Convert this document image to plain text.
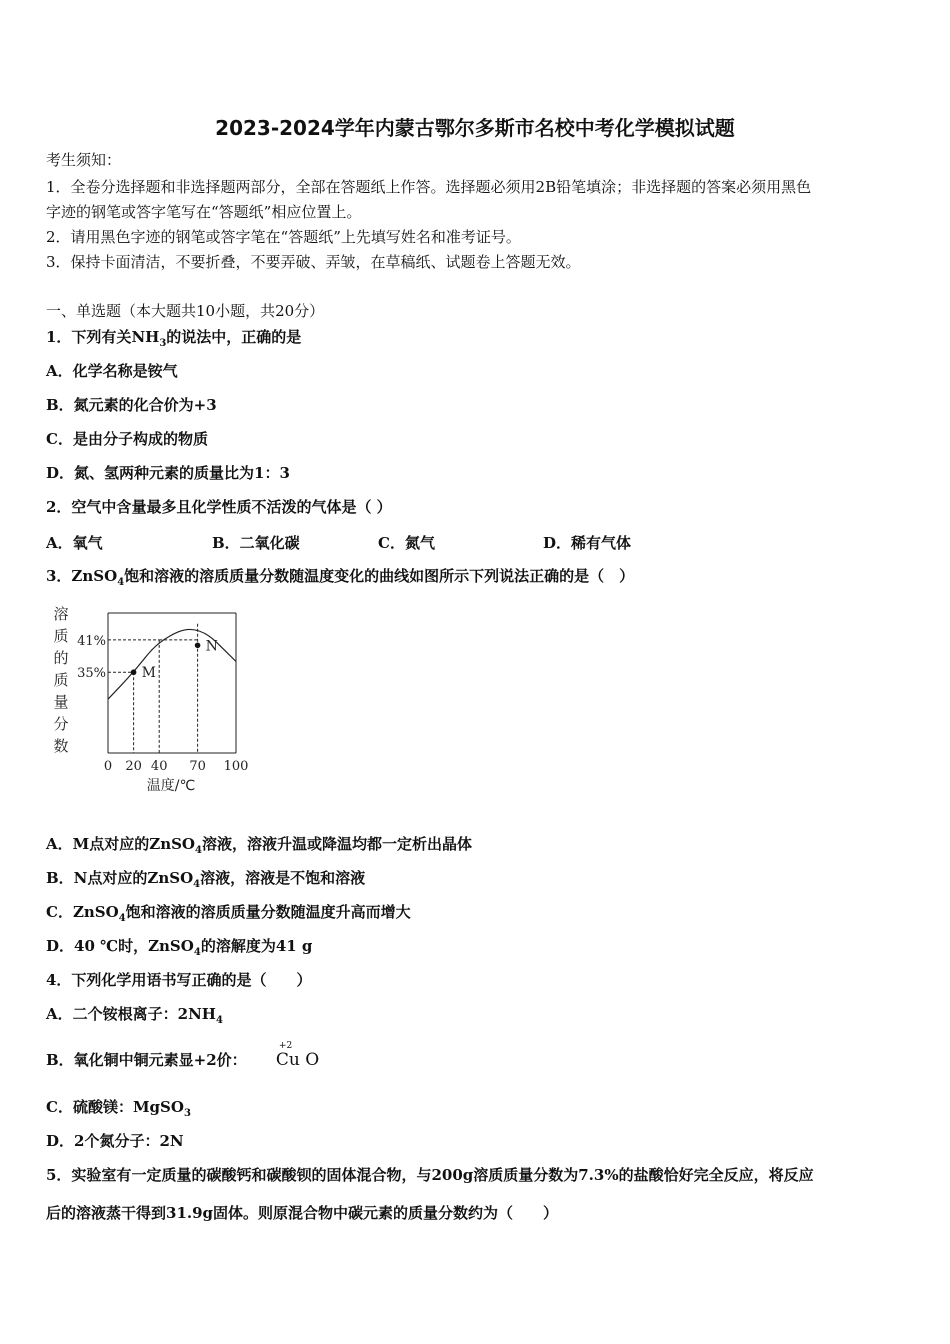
2023-2024学年内蒙古鄂尔多斯市名校中考化学模拟试题
考生须知：
1．全卷分选择题和非选择题两部分，全部在答题纸上作答。选择题必须用2B铅笔填涂；非选择题的答案必须用黑色
字迹的钢笔或答字笔写在“答题纸”相应位置上。
2．请用黑色字迹的钢笔或答字笔在“答题纸”上先填写姓名和准考证号。
3．保持卡面清洁，不要折叠，不要弄破、弄皱，在草稿纸、试题卷上答题无效。
一、单选题（本大题共10小题，共20分）
1．下列有关$NH_3$的说法中，正确的是
A．化学名称是铵气
B．氮元素的化合价为+3
C．是由分子构成的物质
D．氮、氢两种元素的质量比为1：3
2．空气中含量最多且化学性质不活泼的气体是（ ）
A．氧气	B．二氧化碳	C．氮气	D．稀有气体
3．ZnSO$_4$饱和溶液的溶质质量分数随温度变化的曲线如图所示下列说法正确的是（　）
溶
质
的
质
量
分
数
M
N
0 20 40 70 100
41%
35%
温度/℃
A．M点对应的ZnSO$_4$溶液，溶液升温或降温均都一定析出晶体
B．N点对应的ZnSO$_4$溶液，溶液是不饱和溶液
C．ZnSO$_4$饱和溶液的溶质质量分数随温度升高而增大
D．40 ℃时，ZnSO$_4$的溶解度为41 g
4．下列化学用语书写正确的是（　　）
A．二个铵根离子：$2NH_4$
B．氧化铜中铜元素显+2价：
+2
Cu O
C．硫酸镁：MgSO$_3$
D．2个氮分子：2N
5．实验室有一定质量的碳酸钙和碳酸钡的固体混合物，与200g溶质质量分数为7.3%的盐酸恰好完全反应，将反应
后的溶液蒸干得到31.9g固体。则原混合物中碳元素的质量分数约为（　　）
